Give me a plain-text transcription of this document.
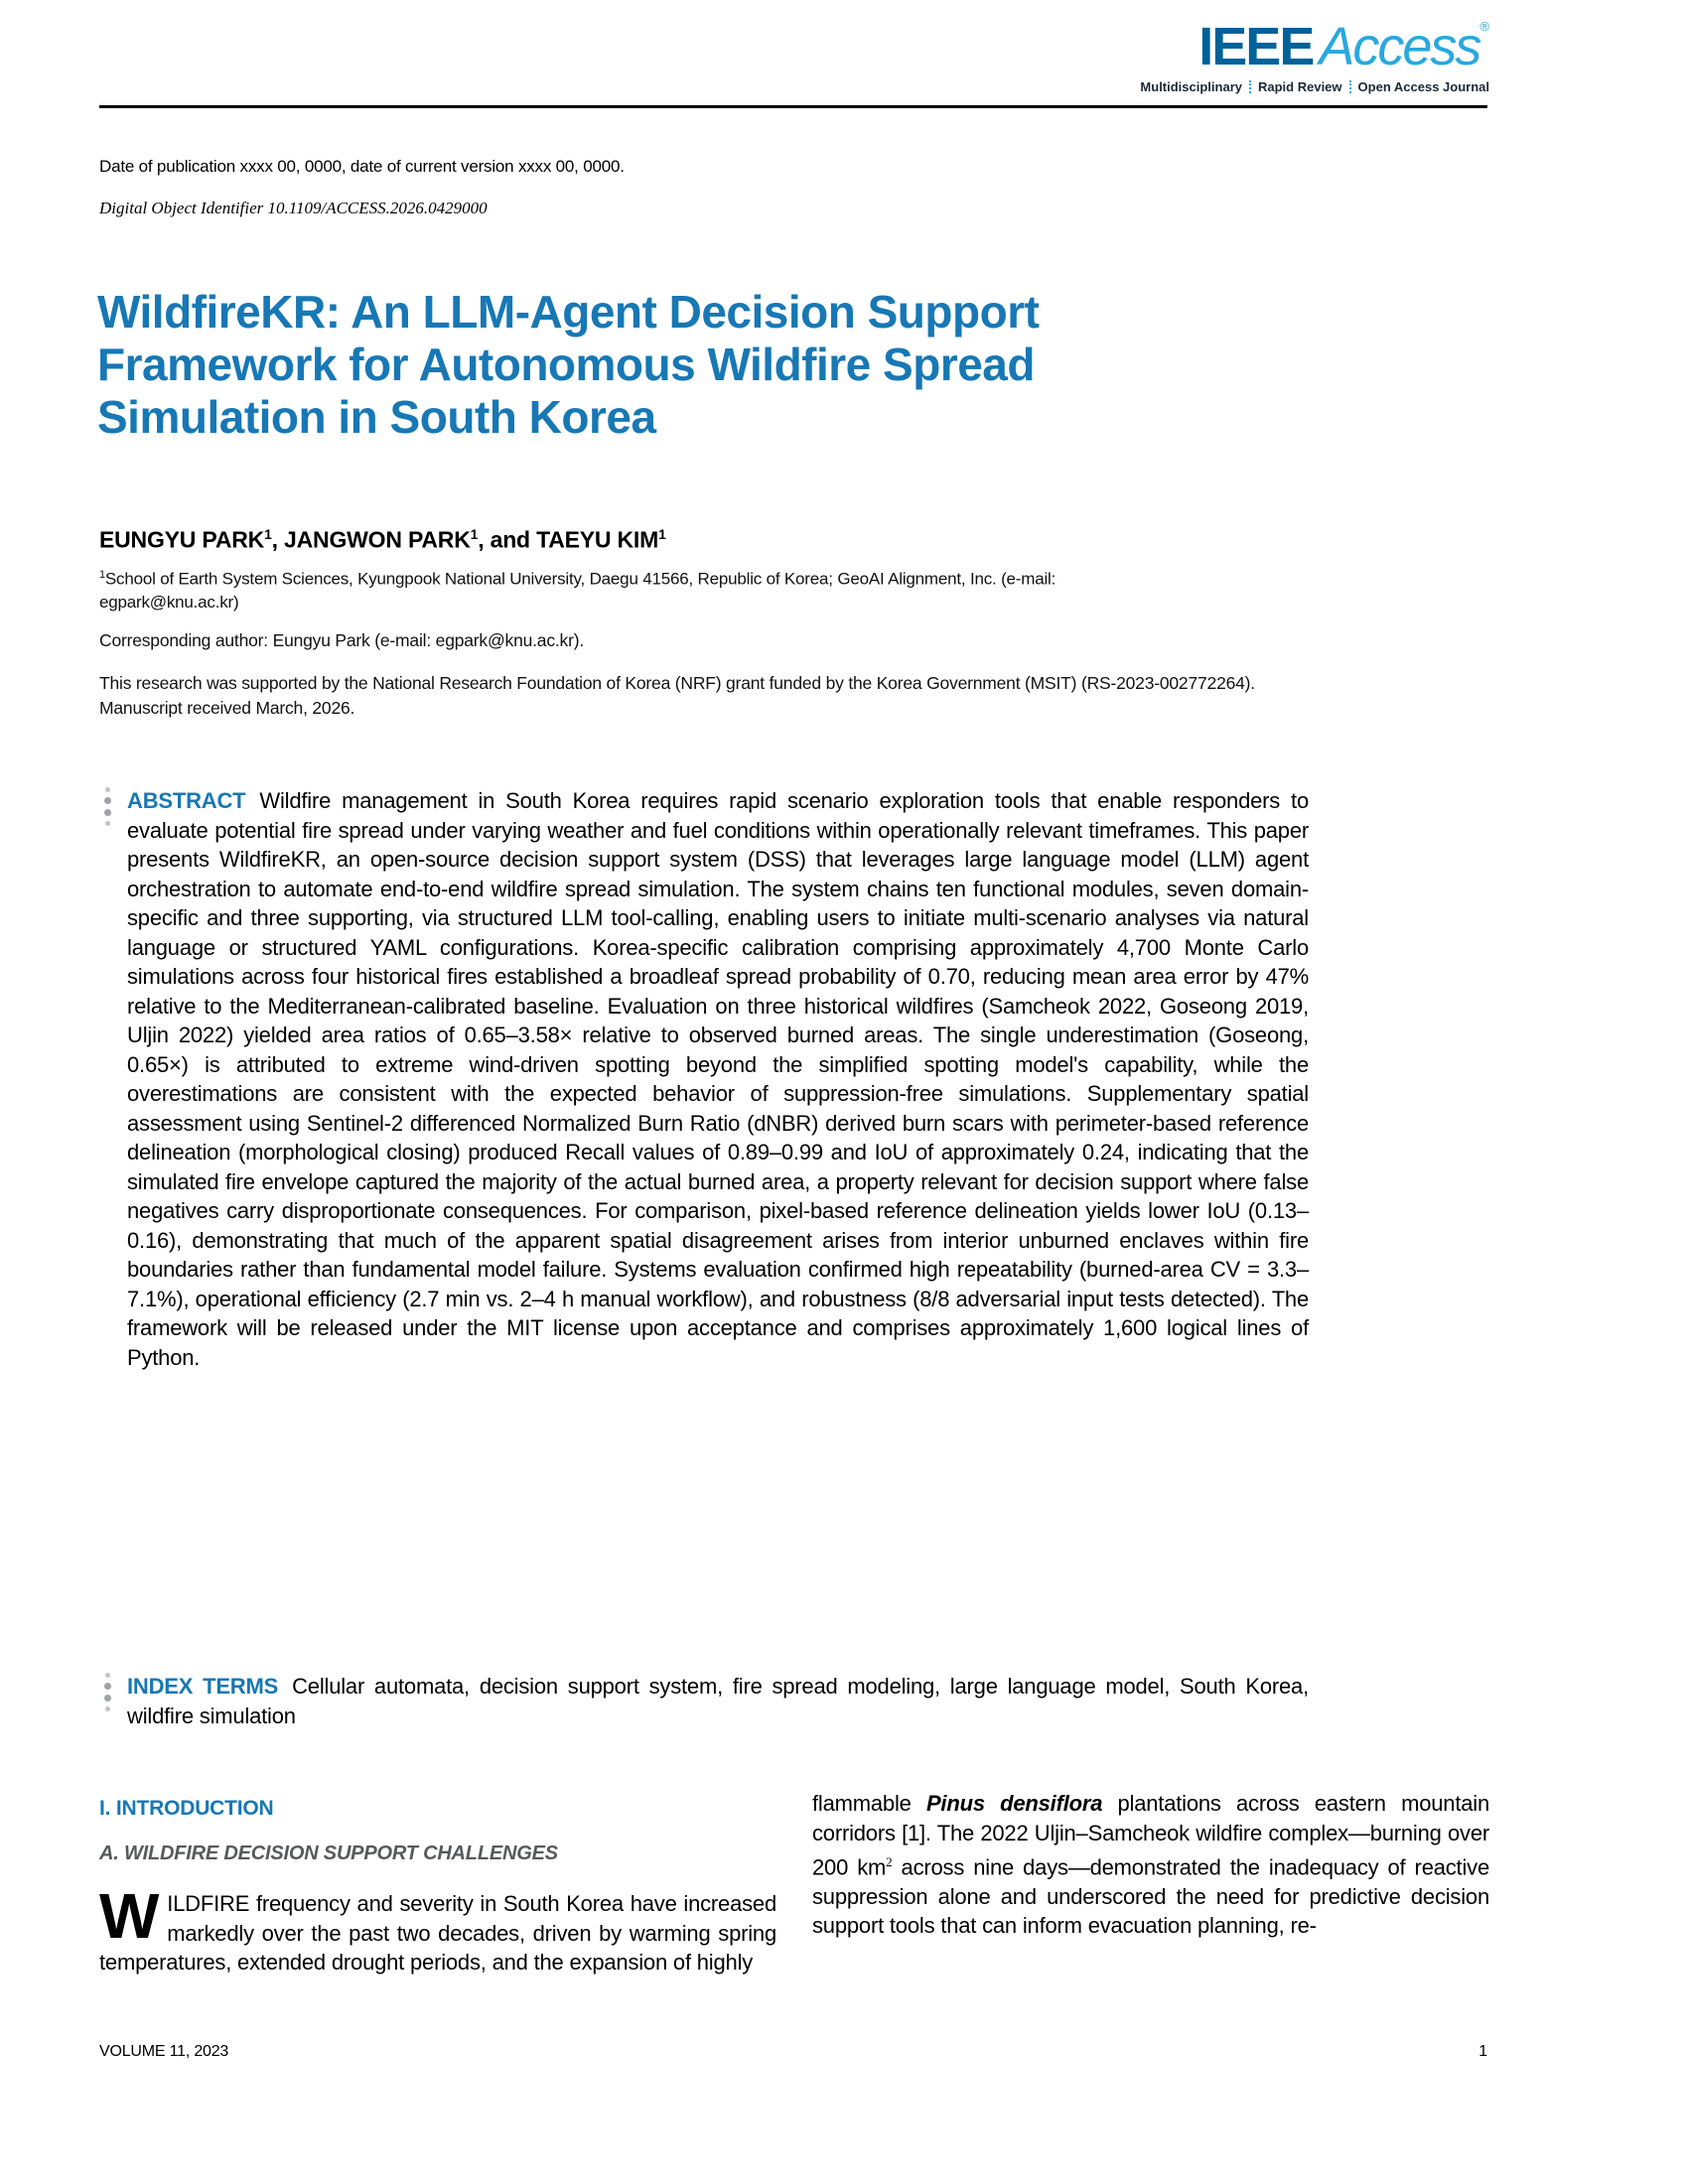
IEEE Access®
Multidisciplinary Rapid Review Open Access Journal
Date of publication xxxx 00, 0000, date of current version xxxx 00, 0000.
Digital Object Identifier 10.1109/ACCESS.2026.0429000
WildfireKR: An LLM-Agent Decision Support
Framework for Autonomous Wildfire Spread
Simulation in South Korea
EUNGYU PARK$^1$, JANGWON PARK$^1$, and TAEYU KIM$^1$
$^1$School of Earth System Sciences, Kyungpook National University, Daegu 41566, Republic of Korea; GeoAI Alignment, Inc. (e-mail: egpark@knu.ac.kr)
Corresponding author: Eungyu Park (e-mail: egpark@knu.ac.kr).
This research was supported by the National Research Foundation of Korea (NRF) grant funded by the Korea Government (MSIT) (RS-2023-002772264). Manuscript received March, 2026.
ABSTRACT Wildfire management in South Korea requires rapid scenario exploration tools that enable responders to evaluate potential fire spread under varying weather and fuel conditions within operationally relevant timeframes. This paper presents WildfireKR, an open-source decision support system (DSS) that leverages large language model (LLM) agent orchestration to automate end-to-end wildfire spread simulation. The system chains ten functional modules, seven domain-specific and three supporting, via structured LLM tool-calling, enabling users to initiate multi-scenario analyses via natural language or structured YAML configurations. Korea-specific calibration comprising approximately 4,700 Monte Carlo simulations across four historical fires established a broadleaf spread probability of 0.70, reducing mean area error by 47% relative to the Mediterranean-calibrated baseline. Evaluation on three historical wildfires (Samcheok 2022, Goseong 2019, Uljin 2022) yielded area ratios of 0.65–3.58× relative to observed burned areas. The single underestimation (Goseong, 0.65×) is attributed to extreme wind-driven spotting beyond the simplified spotting model's capability, while the overestimations are consistent with the expected behavior of suppression-free simulations. Supplementary spatial assessment using Sentinel-2 differenced Normalized Burn Ratio (dNBR) derived burn scars with perimeter-based reference delineation (morphological closing) produced Recall values of 0.89–0.99 and IoU of approximately 0.24, indicating that the simulated fire envelope captured the majority of the actual burned area, a property relevant for decision support where false negatives carry disproportionate consequences. For comparison, pixel-based reference delineation yields lower IoU (0.13–0.16), demonstrating that much of the apparent spatial disagreement arises from interior unburned enclaves within fire boundaries rather than fundamental model failure. Systems evaluation confirmed high repeatability (burned-area CV = 3.3–7.1%), operational efficiency (2.7 min vs. 2–4 h manual workflow), and robustness (8/8 adversarial input tests detected). The framework will be released under the MIT license upon acceptance and comprises approximately 1,600 logical lines of Python.
INDEX TERMS Cellular automata, decision support system, fire spread modeling, large language model, South Korea, wildfire simulation
I. INTRODUCTION
A. WILDFIRE DECISION SUPPORT CHALLENGES
WILDFIRE frequency and severity in South Korea have increased markedly over the past two decades, driven by warming spring temperatures, extended drought periods, and the expansion of highly
flammable Pinus densiflora plantations across eastern mountain corridors [1]. The 2022 Uljin–Samcheok wildfire complex—burning over 200 $km^2$ across nine days—demonstrated the inadequacy of reactive suppression alone and underscored the need for predictive decision support tools that can inform evacuation planning, re-
VOLUME 11, 2023	1
